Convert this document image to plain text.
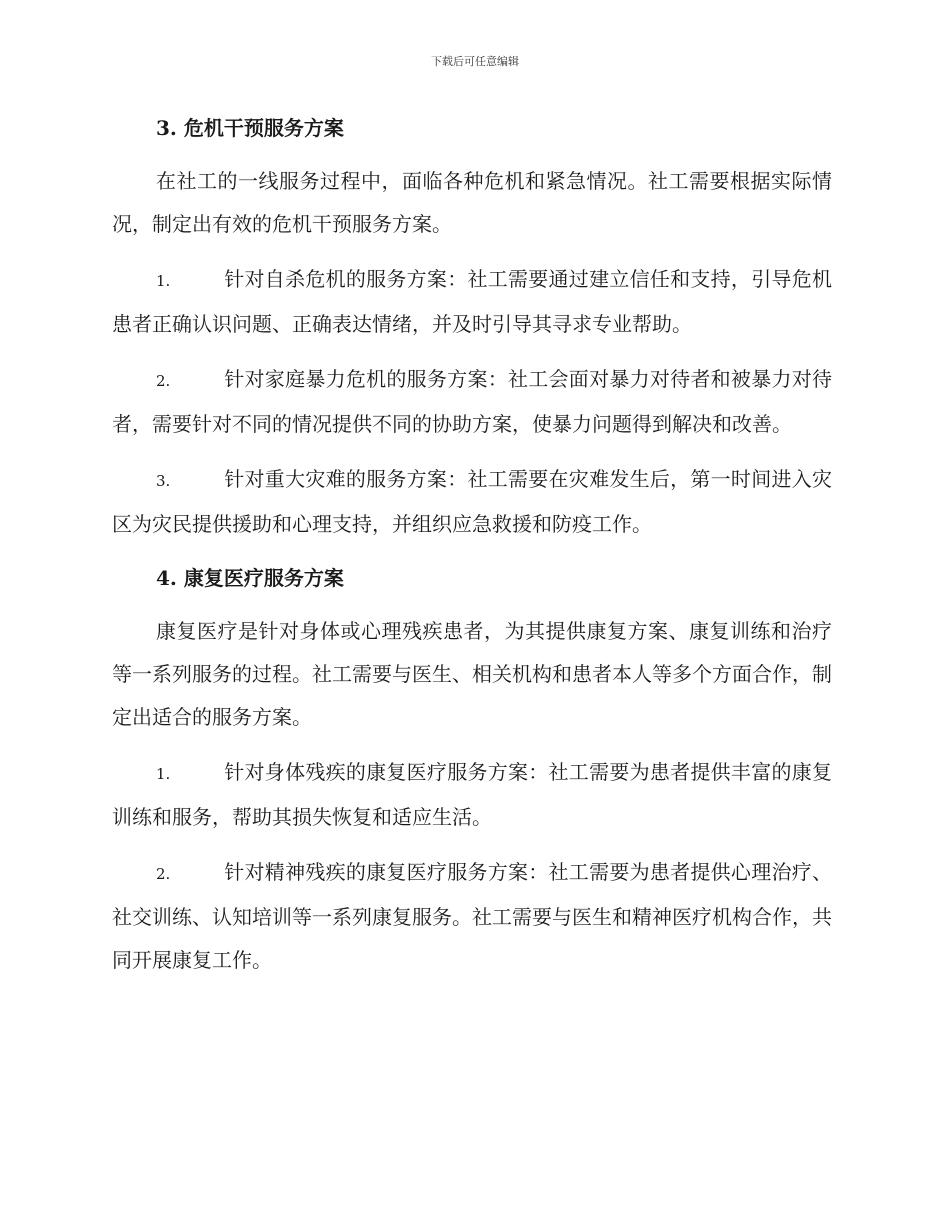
下载后可任意编辑
3. 危机干预服务方案

在社工的一线服务过程中，面临各种危机和紧急情况。社工需要根据实际情况，制定出有效的危机干预服务方案。

1.	针对自杀危机的服务方案：社工需要通过建立信任和支持，引导危机患者正确认识问题、正确表达情绪，并及时引导其寻求专业帮助。

2.	针对家庭暴力危机的服务方案：社工会面对暴力对待者和被暴力对待者，需要针对不同的情况提供不同的协助方案，使暴力问题得到解决和改善。

3.	针对重大灾难的服务方案：社工需要在灾难发生后，第一时间进入灾区为灾民提供援助和心理支持，并组织应急救援和防疫工作。

4. 康复医疗服务方案

康复医疗是针对身体或心理残疾患者，为其提供康复方案、康复训练和治疗等一系列服务的过程。社工需要与医生、相关机构和患者本人等多个方面合作，制定出适合的服务方案。

1.	针对身体残疾的康复医疗服务方案：社工需要为患者提供丰富的康复训练和服务，帮助其损失恢复和适应生活。

2.	针对精神残疾的康复医疗服务方案：社工需要为患者提供心理治疗、社交训练、认知培训等一系列康复服务。社工需要与医生和精神医疗机构合作，共同开展康复工作。
